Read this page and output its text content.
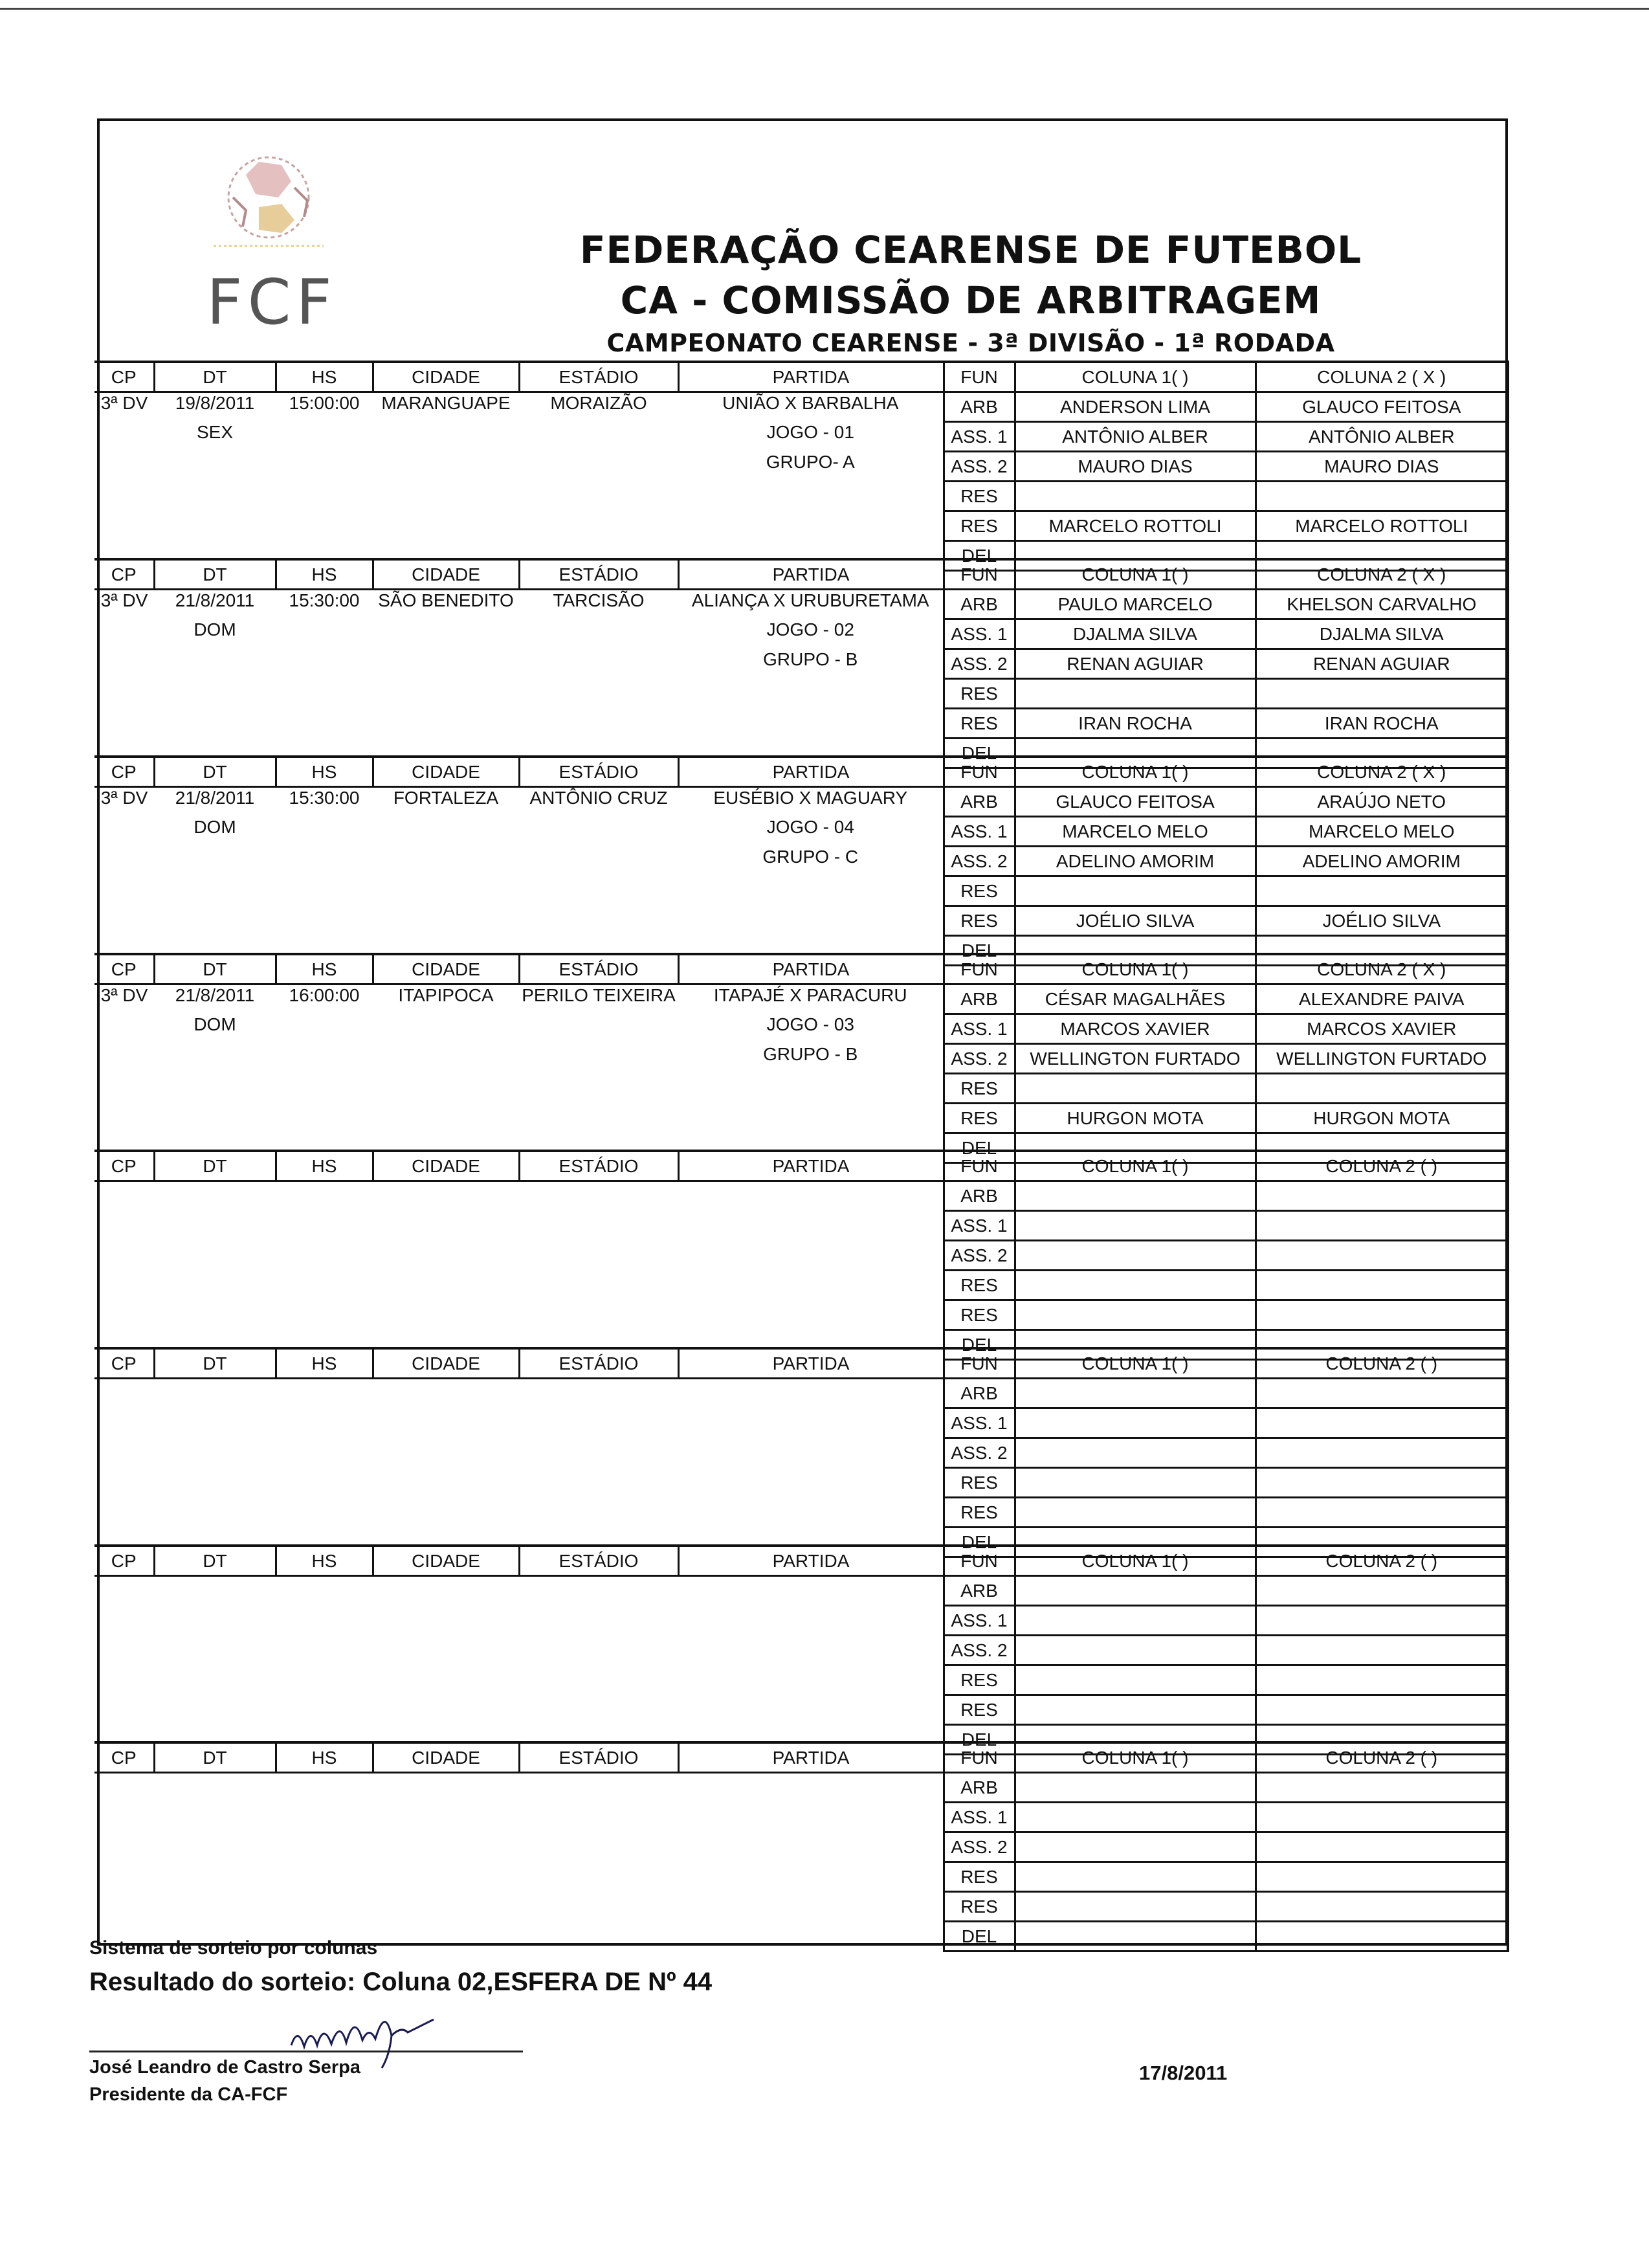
FCF
FEDERAÇÃO CEARENSE DE FUTEBOL
CA - COMISSÃO DE ARBITRAGEM
CAMPEONATO CEARENSE - 3ª DIVISÃO - 1ª RODADA
CP	DT	HS	CIDADE	ESTÁDIO	PARTIDA	FUN	COLUNA 1( )	COLUNA 2 ( X )
3ª DV	19/8/2011	15:00:00	MARANGUAPE	MORAIZÃO	UNIÃO X BARBALHA	ARB	ANDERSON LIMA	GLAUCO FEITOSA
	SEX				JOGO - 01	ASS. 1	ANTÔNIO ALBER	ANTÔNIO ALBER
					GRUPO- A	ASS. 2	MAURO DIAS	MAURO DIAS
						RES		
						RES	MARCELO ROTTOLI	MARCELO ROTTOLI
						DEL		
CP	DT	HS	CIDADE	ESTÁDIO	PARTIDA	FUN	COLUNA 1( )	COLUNA 2 ( X )
3ª DV	21/8/2011	15:30:00	SÃO BENEDITO	TARCISÃO	ALIANÇA X URUBURETAMA	ARB	PAULO MARCELO	KHELSON CARVALHO
	DOM				JOGO - 02	ASS. 1	DJALMA SILVA	DJALMA SILVA
					GRUPO - B	ASS. 2	RENAN AGUIAR	RENAN AGUIAR
						RES		
						RES	IRAN ROCHA	IRAN ROCHA
						DEL		
CP	DT	HS	CIDADE	ESTÁDIO	PARTIDA	FUN	COLUNA 1( )	COLUNA 2 ( X )
3ª DV	21/8/2011	15:30:00	FORTALEZA	ANTÔNIO CRUZ	EUSÉBIO X MAGUARY	ARB	GLAUCO FEITOSA	ARAÚJO NETO
	DOM				JOGO - 04	ASS. 1	MARCELO MELO	MARCELO MELO
					GRUPO - C	ASS. 2	ADELINO AMORIM	ADELINO AMORIM
						RES		
						RES	JOÉLIO SILVA	JOÉLIO SILVA
						DEL		
CP	DT	HS	CIDADE	ESTÁDIO	PARTIDA	FUN	COLUNA 1( )	COLUNA 2 ( X )
3ª DV	21/8/2011	16:00:00	ITAPIPOCA	PERILO TEIXEIRA	ITAPAJÉ X PARACURU	ARB	CÉSAR MAGALHÃES	ALEXANDRE PAIVA
	DOM				JOGO - 03	ASS. 1	MARCOS XAVIER	MARCOS XAVIER
					GRUPO - B	ASS. 2	WELLINGTON FURTADO	WELLINGTON FURTADO
						RES		
						RES	HURGON MOTA	HURGON MOTA
						DEL		
CP	DT	HS	CIDADE	ESTÁDIO	PARTIDA	FUN	COLUNA 1( )	COLUNA 2 ( )
						ARB		
						ASS. 1		
						ASS. 2		
						RES		
						RES		
						DEL		
CP	DT	HS	CIDADE	ESTÁDIO	PARTIDA	FUN	COLUNA 1( )	COLUNA 2 ( )
						ARB		
						ASS. 1		
						ASS. 2		
						RES		
						RES		
						DEL		
CP	DT	HS	CIDADE	ESTÁDIO	PARTIDA	FUN	COLUNA 1( )	COLUNA 2 ( )
						ARB		
						ASS. 1		
						ASS. 2		
						RES		
						RES		
						DEL		
CP	DT	HS	CIDADE	ESTÁDIO	PARTIDA	FUN	COLUNA 1( )	COLUNA 2 ( )
						ARB		
						ASS. 1		
						ASS. 2		
						RES		
						RES		
						DEL		
Sistema de sorteio por colunas
Resultado do sorteio: Coluna 02,ESFERA DE Nº 44
José Leandro de Castro Serpa
Presidente da CA-FCF
17/8/2011
